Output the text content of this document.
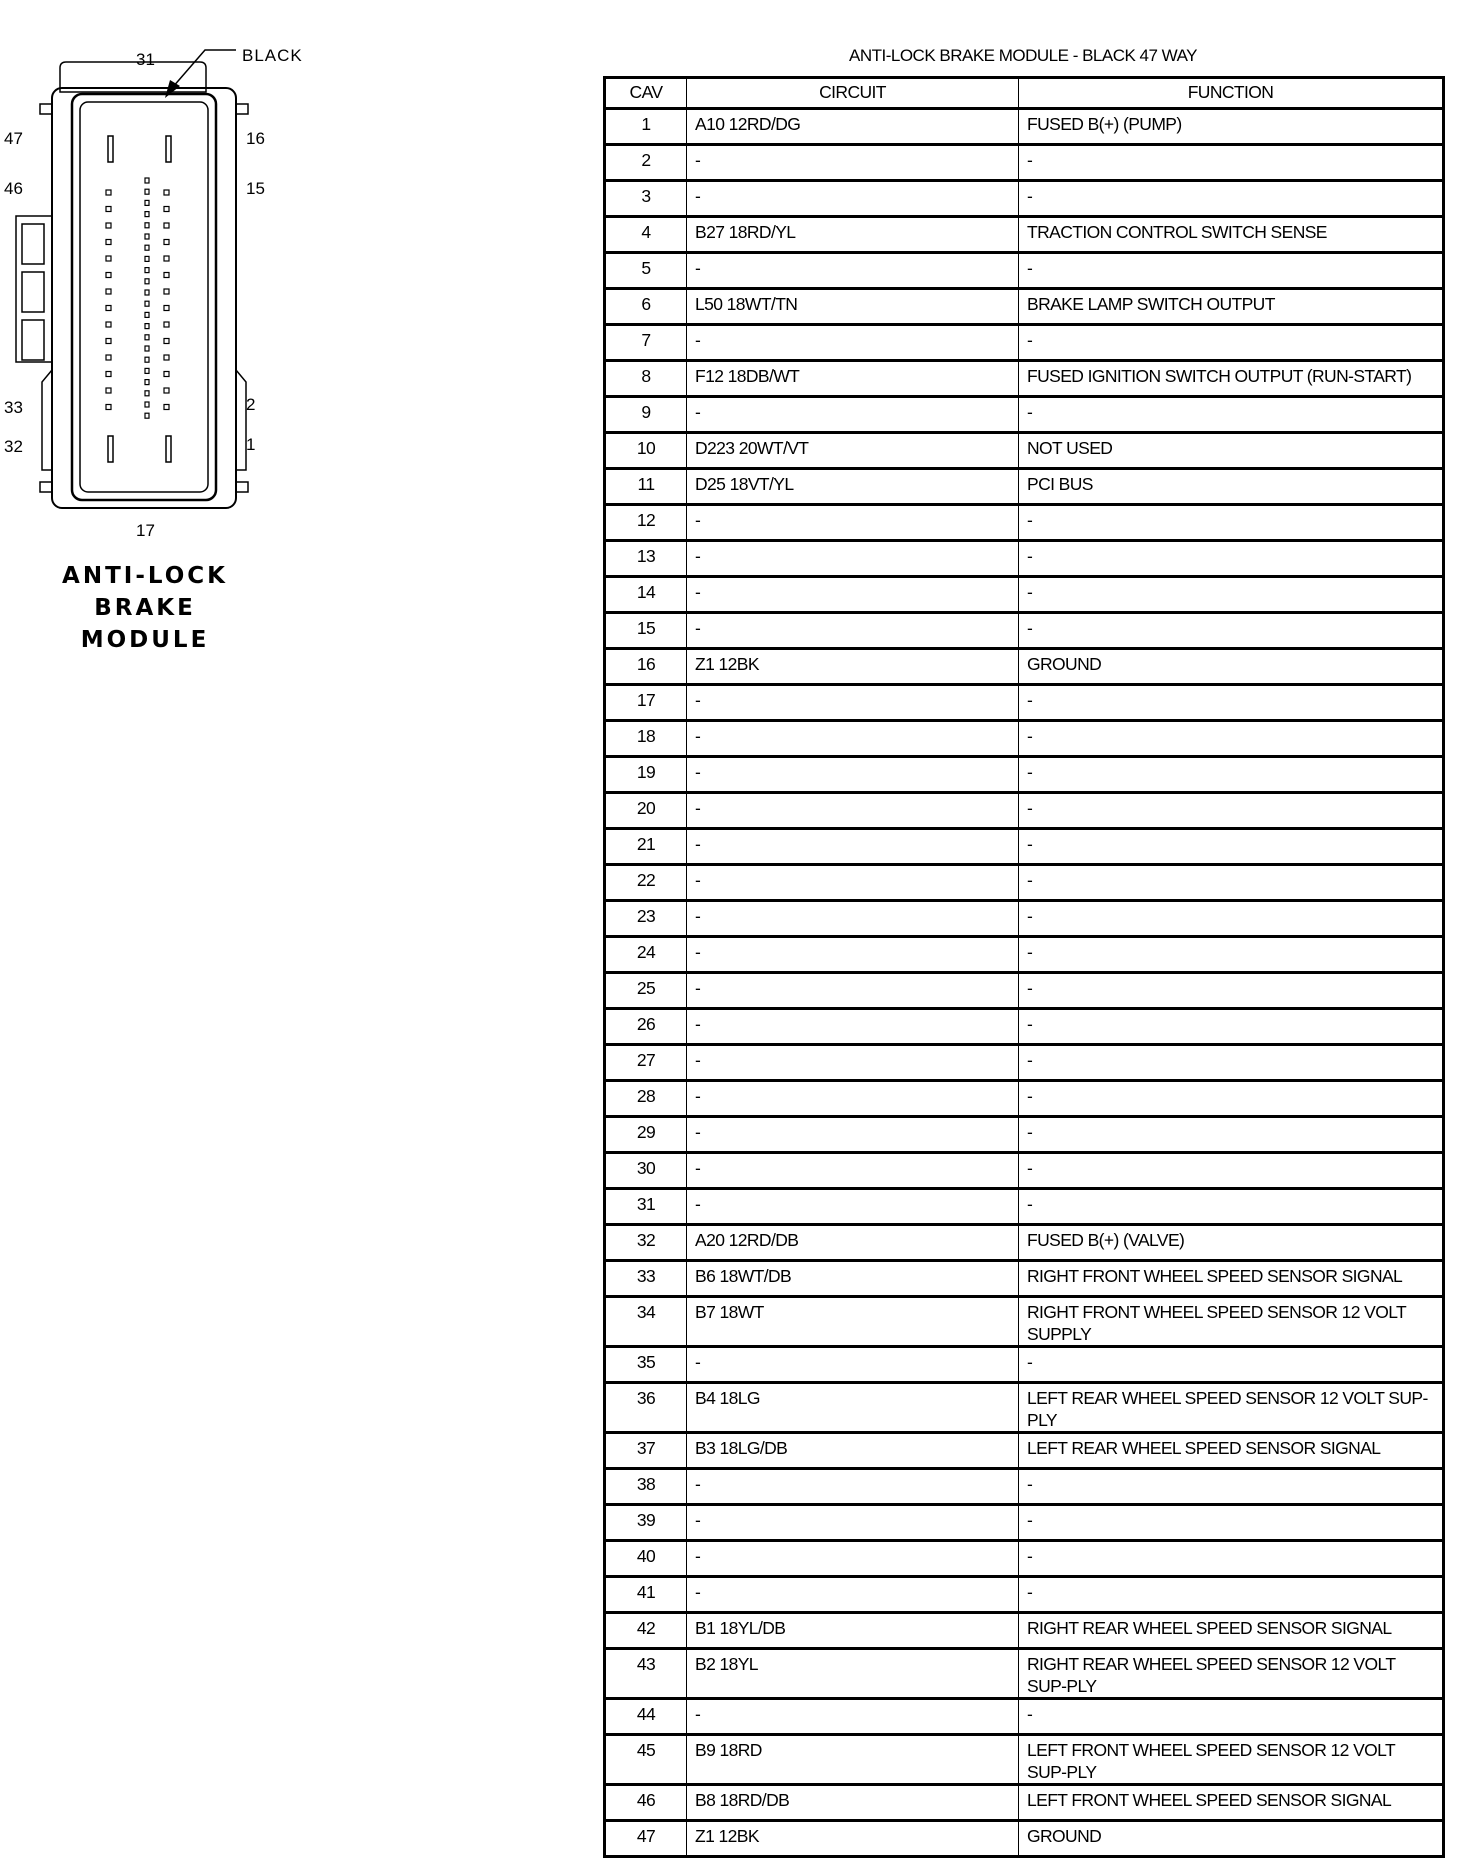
BLACK
31
47
46
33
32
16
15
2
1
17
ANTI-LOCK
BRAKE
MODULE
ANTI-LOCK BRAKE MODULE - BLACK 47 WAY
CAV	CIRCUIT	FUNCTION
1	A10 12RD/DG	FUSED B(+) (PUMP)
2	-	-
3	-	-
4	B27 18RD/YL	TRACTION CONTROL SWITCH SENSE
5	-	-
6	L50 18WT/TN	BRAKE LAMP SWITCH OUTPUT
7	-	-
8	F12 18DB/WT	FUSED IGNITION SWITCH OUTPUT (RUN-START)
9	-	-
10	D223 20WT/VT	NOT USED
11	D25 18VT/YL	PCI BUS
12	-	-
13	-	-
14	-	-
15	-	-
16	Z1 12BK	GROUND
17	-	-
18	-	-
19	-	-
20	-	-
21	-	-
22	-	-
23	-	-
24	-	-
25	-	-
26	-	-
27	-	-
28	-	-
29	-	-
30	-	-
31	-	-
32	A20 12RD/DB	FUSED B(+) (VALVE)
33	B6 18WT/DB	RIGHT FRONT WHEEL SPEED SENSOR SIGNAL
34	B7 18WT	RIGHT FRONT WHEEL SPEED SENSOR 12 VOLT SUPPLY
35	-	-
36	B4 18LG	LEFT REAR WHEEL SPEED SENSOR 12 VOLT SUP-PLY
37	B3 18LG/DB	LEFT REAR WHEEL SPEED SENSOR SIGNAL
38	-	-
39	-	-
40	-	-
41	-	-
42	B1 18YL/DB	RIGHT REAR WHEEL SPEED SENSOR SIGNAL
43	B2 18YL	RIGHT REAR WHEEL SPEED SENSOR 12 VOLT SUP-PLY
44	-	-
45	B9 18RD	LEFT FRONT WHEEL SPEED SENSOR 12 VOLT SUP-PLY
46	B8 18RD/DB	LEFT FRONT WHEEL SPEED SENSOR SIGNAL
47	Z1 12BK	GROUND
